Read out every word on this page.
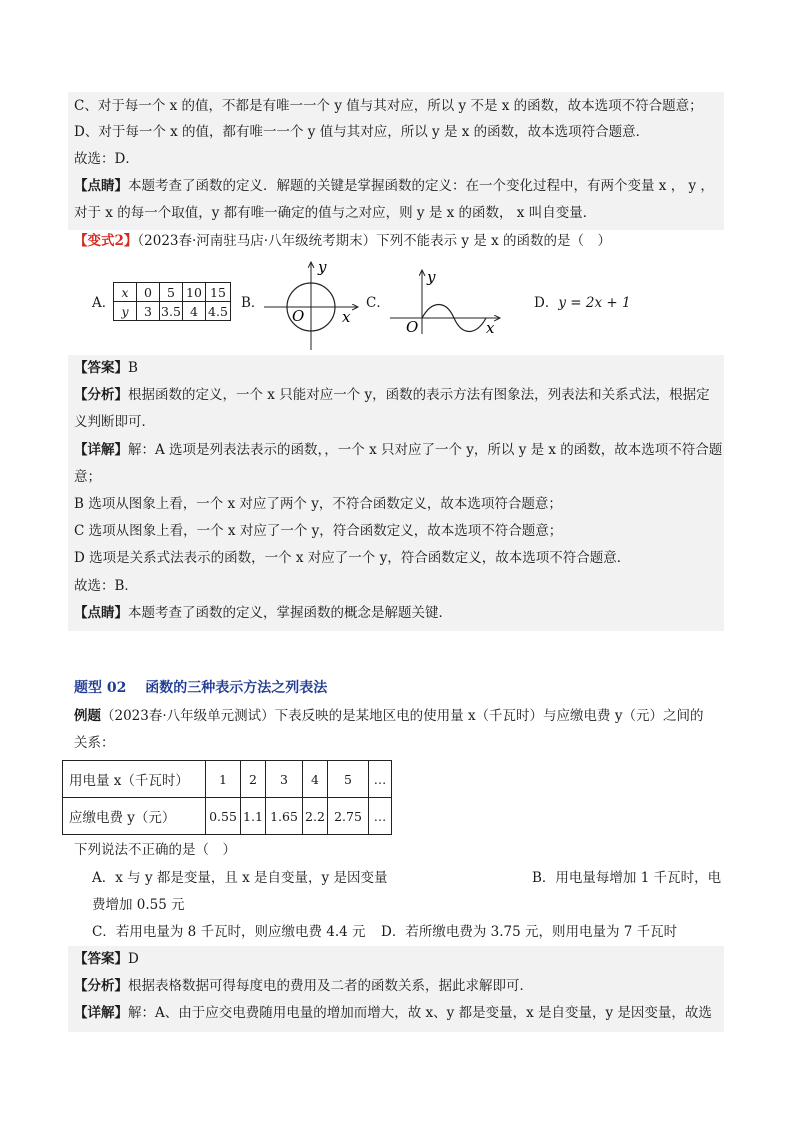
C、对于每一个 x 的值，不都是有唯一一个 y 值与其对应，所以 y 不是 x 的函数，故本选项不符合题意；
D、对于每一个 x 的值，都有唯一一个 y 值与其对应，所以 y 是 x 的函数，故本选项符合题意．
故选：D．
【点睛】本题考查了函数的定义．解题的关键是掌握函数的定义：在一个变化过程中，有两个变量 x ， y ，
对于 x 的每一个取值，y 都有唯一确定的值与之对应，则 y 是 x 的函数， x 叫自变量．
【变式2】（2023春·河南驻马店·八年级统考期末）下列不能表示 y 是 x 的函数的是（　）
A．
x	0	5	10	15
y	3	3.5	4	4.5 B．
y
x
O
C．
y
x
O
D．y = 2x + 1
【答案】B
【分析】根据函数的定义，一个 x 只能对应一个 y，函数的表示方法有图象法，列表法和关系式法，根据定
义判断即可．
【详解】解：A 选项是列表法表示的函数，，一个 x 只对应了一个 y，所以 y 是 x 的函数，故本选项不符合题
意；
B 选项从图象上看，一个 x 对应了两个 y，不符合函数定义，故本选项符合题意；
C 选项从图象上看，一个 x 对应了一个 y，符合函数定义，故本选项不符合题意；
D 选项是关系式法表示的函数，一个 x 对应了一个 y，符合函数定义，故本选项不符合题意．
故选：B．
【点睛】本题考查了函数的定义，掌握函数的概念是解题关键．
题型 02　 函数的三种表示方法之列表法
例题（2023春·八年级单元测试）下表反映的是某地区电的使用量 x（千瓦时）与应缴电费 y（元）之间的
关系：
用电量 x（千瓦时）	1	2	3	4	5	…
应缴电费 y（元）	0.55	1.1	1.65	2.2	2.75	…
下列说法不正确的是（　）
A．x 与 y 都是变量，且 x 是自变量，y 是因变量	B．用电量每增加 1 千瓦时，电
费增加 0.55 元
C．若用电量为 8 千瓦时，则应缴电费 4.4 元 D．若所缴电费为 3.75 元，则用电量为 7 千瓦时
【答案】D
【分析】根据表格数据可得每度电的费用及二者的函数关系，据此求解即可．
【详解】解：A、由于应交电费随用电量的增加而增大，故 x、y 都是变量，x 是自变量，y 是因变量，故选
